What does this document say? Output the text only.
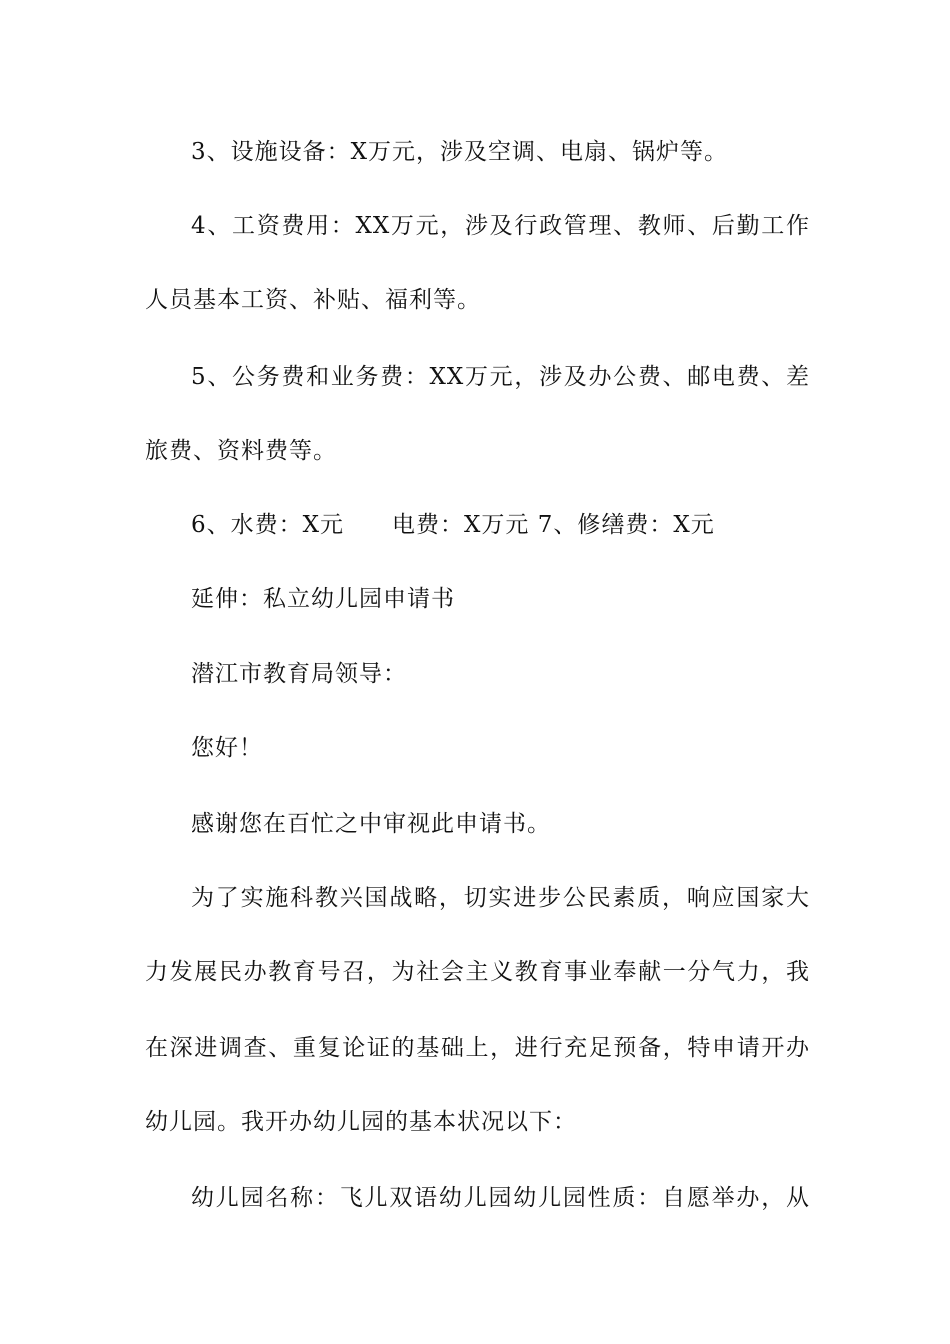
3、设施设备：X万元，涉及空调、电扇、锅炉等。
4、工资费用：XX万元，涉及行政管理、教师、后勤工作
人员基本工资、补贴、福利等。
5、公务费和业务费：XX万元，涉及办公费、邮电费、差
旅费、资料费等。
6、水费：X元　　电费：X万元 7、修缮费：X元
延伸：私立幼儿园申请书
潜江市教育局领导：
您好！
感谢您在百忙之中审视此申请书。
为了实施科教兴国战略，切实进步公民素质，响应国家大
力发展民办教育号召，为社会主义教育事业奉献一分气力，我
在深进调查、重复论证的基础上，进行充足预备，特申请开办
幼儿园。我开办幼儿园的基本状况以下：
幼儿园名称：飞儿双语幼儿园幼儿园性质：自愿举办，从
